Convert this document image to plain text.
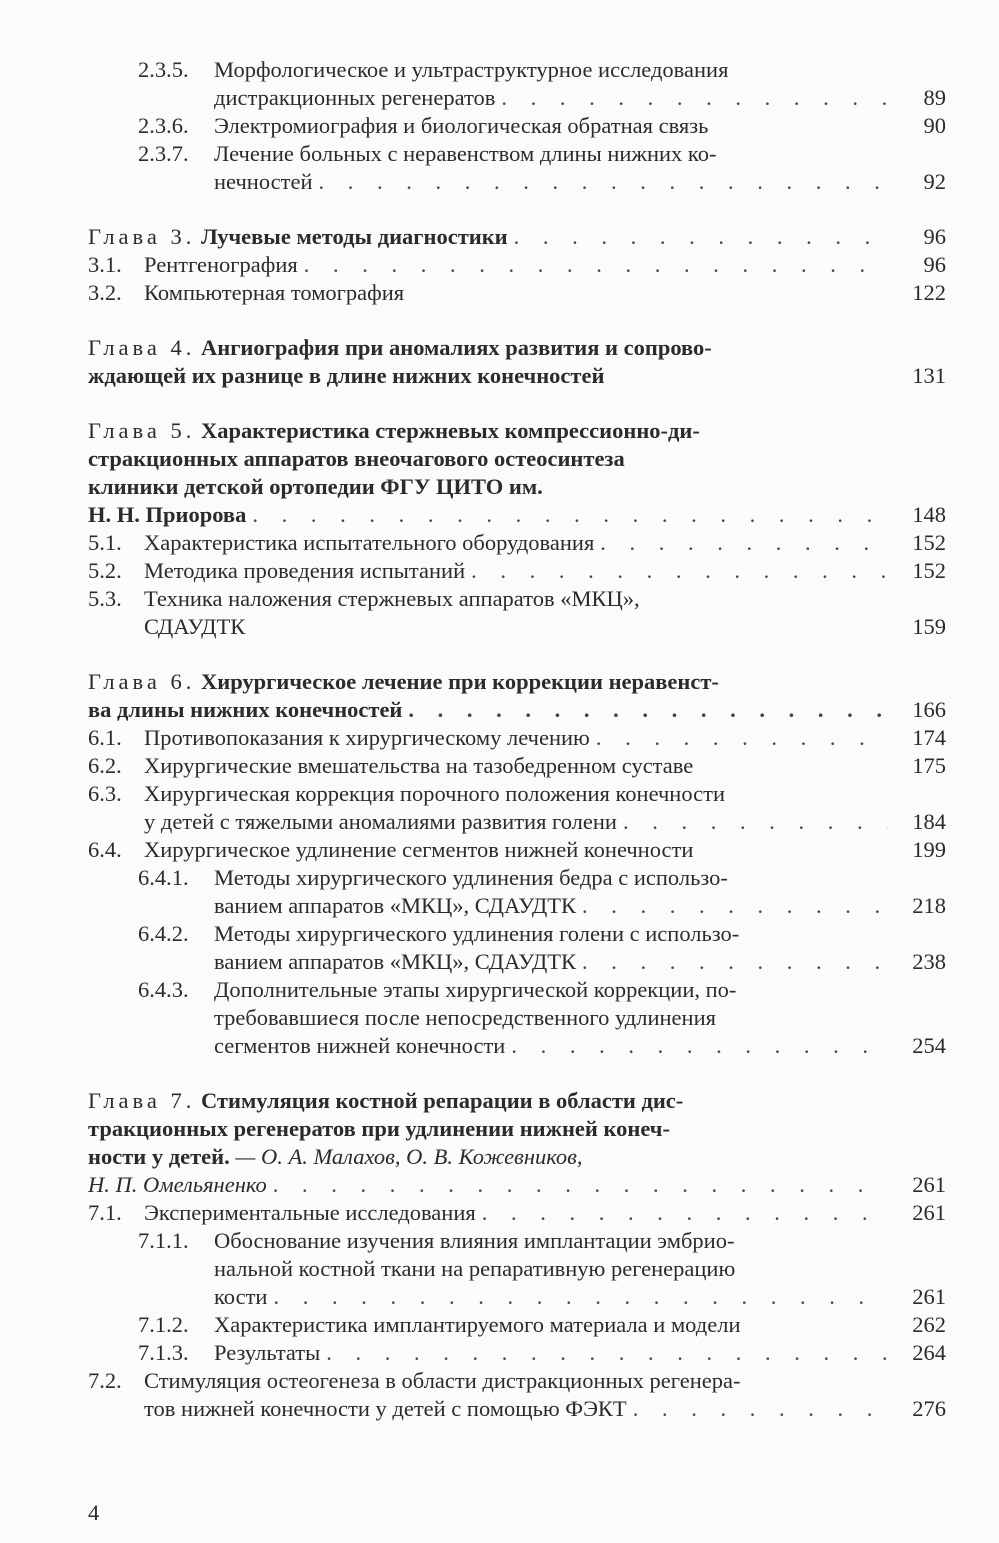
2.3.5. Морфологическое и ультраструктурное исследования
дистракционных регенератов . . .	89
2.3.6. Электромиография и биологическая обратная связь	90
2.3.7. Лечение больных с неравенством длины нижних ко-
нечностей . . .	92
Глава 3. Лучевые методы диагностики . . .	96
3.1. Рентгенография . . .	96
3.2. Компьютерная томография	122
Глава 4. Ангиография при аномалиях развития и сопрово-
ждающей их разнице в длине нижних конечностей	131
Глава 5. Характеристика стержневых компрессионно-ди-
стракционных аппаратов внеочагового остеосинтеза
клиники детской ортопедии ФГУ ЦИТО им.
Н. Н. Приорова . . .	148
5.1. Характеристика испытательного оборудования . . .	152
5.2. Методика проведения испытаний . . .	152
5.3. Техника наложения стержневых аппаратов «МКЦ»,
СДАУДТК	159
Глава 6. Хирургическое лечение при коррекции неравенст-
ва длины нижних конечностей . . .	166
6.1. Противопоказания к хирургическому лечению . . .	174
6.2. Хирургические вмешательства на тазобедренном суставе	175
6.3. Хирургическая коррекция порочного положения конечности
у детей с тяжелыми аномалиями развития голени . . .	184
6.4. Хирургическое удлинение сегментов нижней конечности	199
6.4.1. Методы хирургического удлинения бедра с использо-
ванием аппаратов «МКЦ», СДАУДТК . . .	218
6.4.2. Методы хирургического удлинения голени с использо-
ванием аппаратов «МКЦ», СДАУДТК . . .	238
6.4.3. Дополнительные этапы хирургической коррекции, по-
требовавшиеся после непосредственного удлинения
сегментов нижней конечности . . .	254
Глава 7. Стимуляция костной репарации в области дис-
тракционных регенератов при удлинении нижней конеч-
ности у детей. — О. А. Малахов, О. В. Кожевников,
Н. П. Омельяненко . . .	261
7.1. Экспериментальные исследования . . .	261
7.1.1. Обоснование изучения влияния имплантации эмбрио-
нальной костной ткани на репаративную регенерацию
кости . . .	261
7.1.2. Характеристика имплантируемого материала и модели	262
7.1.3. Результаты . . .	264
7.2. Стимуляция остеогенеза в области дистракционных регенера-
тов нижней конечности у детей с помощью ФЭКТ . . .	276
4
